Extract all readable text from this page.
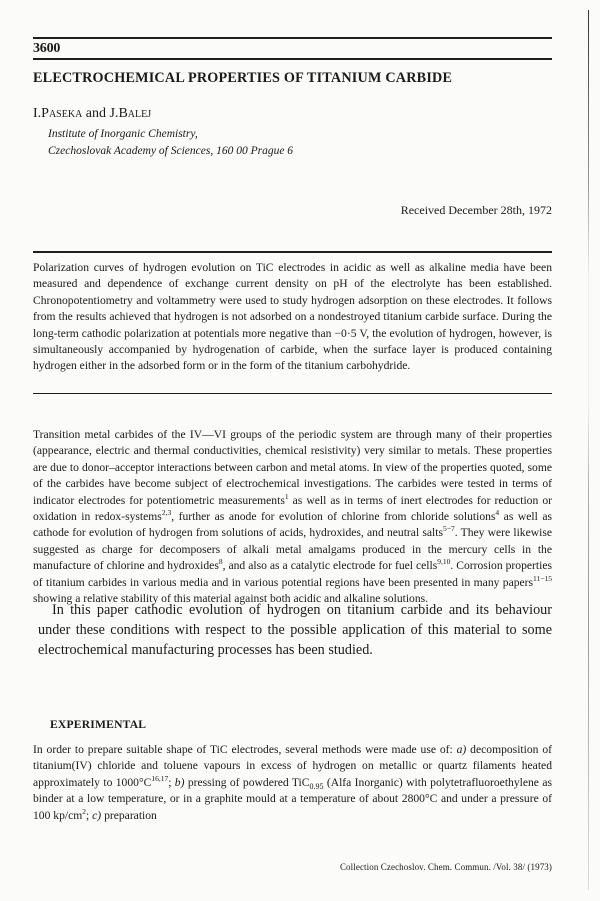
3600
ELECTROCHEMICAL PROPERTIES OF TITANIUM CARBIDE
I.Paseka and J.Balej
Institute of Inorganic Chemistry,
Czechoslovak Academy of Sciences, 160 00 Prague 6
Received December 28th, 1972

Polarization curves of hydrogen evolution on TiC electrodes in acidic as well as alkaline media have been measured and dependence of exchange current density on pH of the electrolyte has been established. Chronopotentiometry and voltammetry were used to study hydrogen adsorption on these electrodes. It follows from the results achieved that hydrogen is not adsorbed on a nondestroyed titanium carbide surface. During the long-term cathodic polarization at potentials more negative than −0·5 V, the evolution of hydrogen, however, is simultaneously accompanied by hydrogenation of carbide, when the surface layer is produced containing hydrogen either in the adsorbed form or in the form of the titanium carbohydride.

Transition metal carbides of the IV—VI groups of the periodic system are through many of their properties (appearance, electric and thermal conductivities, chemical resistivity) very similar to metals. These properties are due to donor–acceptor interactions between carbon and metal atoms. In view of the properties quoted, some of the carbides have become subject of electrochemical investigations. The carbides were tested in terms of indicator electrodes for potentiometric measurements$^1$ as well as in terms of inert electrodes for reduction or oxidation in redox-systems$^{2,3}$, further as anode for evolution of chlorine from chloride solutions$^4$ as well as cathode for evolution of hydrogen from solutions of acids, hydroxides, and neutral salts$^{5-7}$. They were likewise suggested as charge for decomposers of alkali metal amalgams produced in the mercury cells in the manufacture of chlorine and hydroxides$^8$, and also as a catalytic electrode for fuel cells$^{9,10}$. Corrosion properties of titanium carbides in various media and in various potential regions have been presented in many papers$^{11-15}$ showing a relative stability of this material against both acidic and alkaline solutions.

In this paper cathodic evolution of hydrogen on titanium carbide and its behaviour under these conditions with respect to the possible application of this material to some electrochemical manufacturing processes has been studied.
EXPERIMENTAL

In order to prepare suitable shape of TiC electrodes, several methods were made use of: a) decomposition of titanium(IV) chloride and toluene vapours in excess of hydrogen on metallic or quartz filaments heated approximately to $1000^\circ C^{16,17}$; b) pressing of powdered TiC$_{0.95}$ (Alfa Inorganic) with polytetrafluoroethylene as binder at a low temperature, or in a graphite mould at a temperature of about 2800°C and under a pressure of 100 $kp/cm^2$; c) preparation

Collection Czechoslov. Chem. Commun. /Vol. 38/ (1973)
